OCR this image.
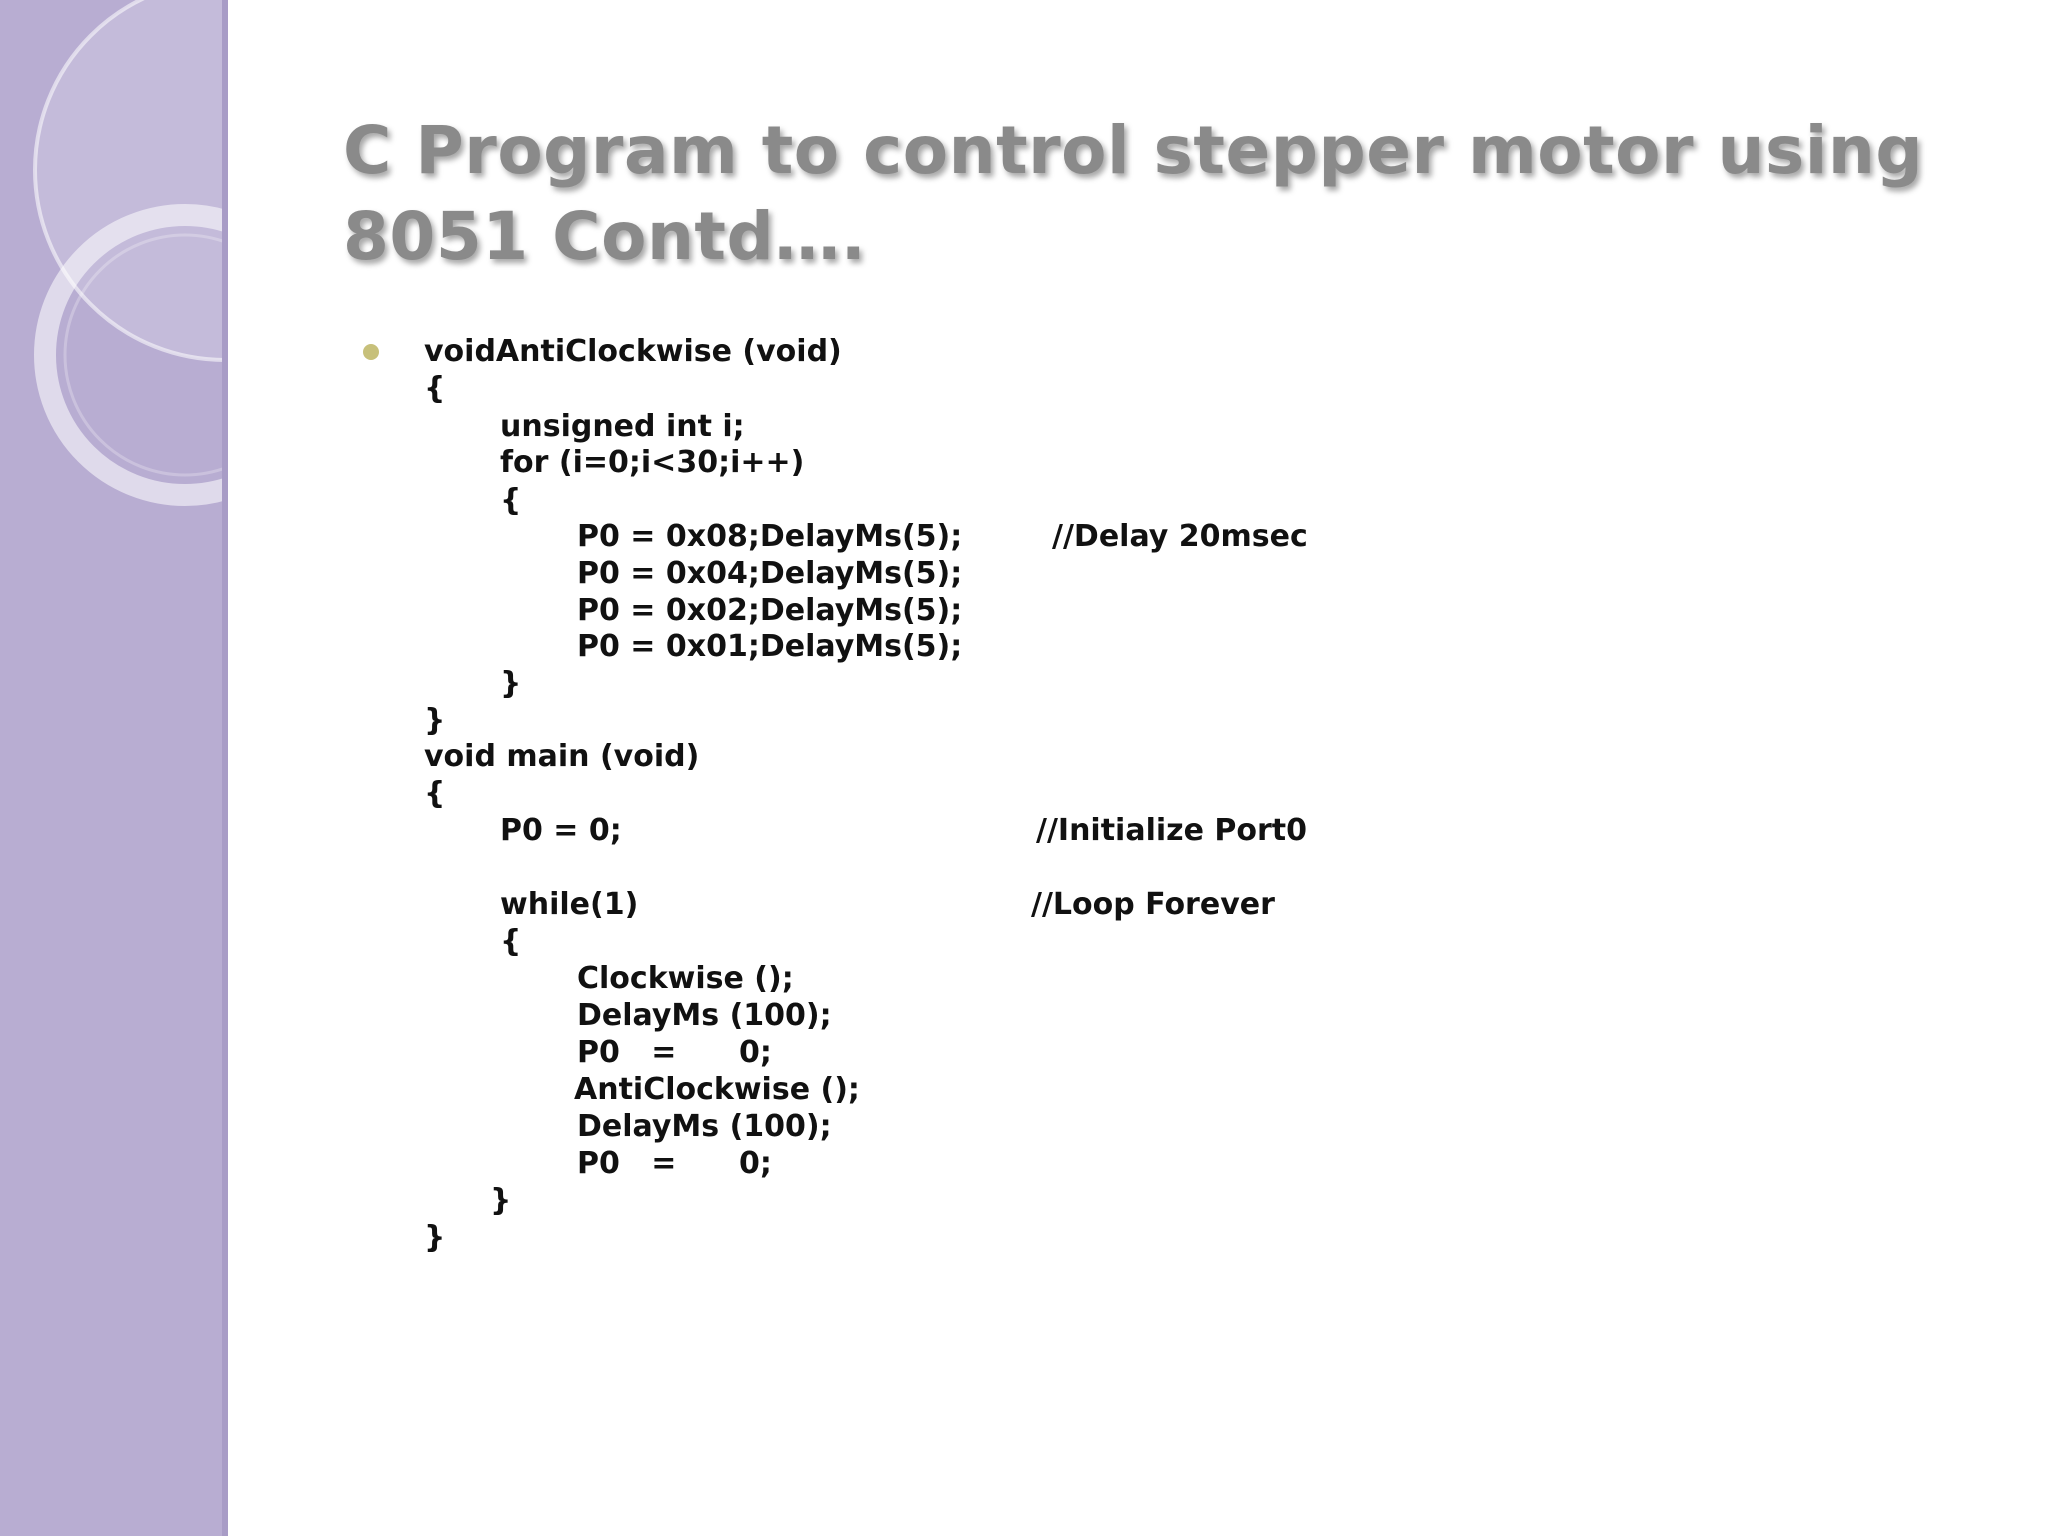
C Program to control stepper motor using 8051 Contd….
voidAntiClockwise (void)
{
unsigned int i;
for (i=0;i<30;i++)
{
P0 = 0x08;DelayMs(5);	//Delay 20msec
P0 = 0x04;DelayMs(5);
P0 = 0x02;DelayMs(5);
P0 = 0x01;DelayMs(5);
}
}
void main (void)
{
P0 = 0;	//Initialize Port0
while(1)	//Loop Forever
{
Clockwise ();
DelayMs (100);
P0   =      0;
AntiClockwise ();
DelayMs (100);
P0   =      0;
}
}
